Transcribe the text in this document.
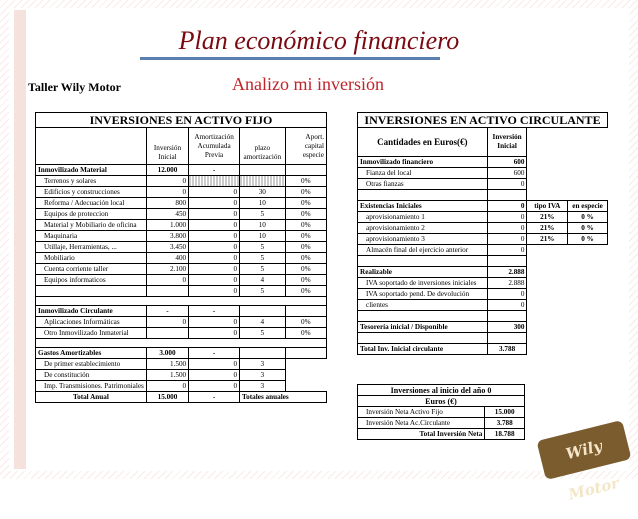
Plan económico financiero
Taller Wily Motor	Analizo mi inversión
INVERSIONES EN ACTIVO FIJO				
	Inversión Inicial	Amortización Acumulada Previa	plazo amortización	Aport. capital especie
Inmovilizado Material	12.000	-		
Terrenos y solares	0			0%
Edificios y construcciones	0	0	30	0%
Reforma / Adecuación local	800	0	10	0%
Equipos de proteccion	450	0	5	0%
Material y Mobiliario de oficina	1.000	0	10	0%
Maquinaria	3.800	0	10	0%
Utillaje, Herramientas, ...	3.450	0	5	0%
Mobiliario	400	0	5	0%
Cuenta corriente taller	2.100	0	5	0%
Equipos informaticos	0	0	4	0%
		0	5	0%

Inmovilizado Circulante	-	-		
Aplicaciones Informáticas	0	0	4	0%
Otro Inmovilizado Inmaterial		0	5	0%

Gastos Amortizables	3.000	-		
De primer establecimiento	1.500	0	3	
De constitución	1.500	0	3	
Imp. Transmisiones. Patrimoniales	0	0	3	
Total Anual	15.000	-	Totales anuales	
INVERSIONES EN ACTIVO CIRCULANTE			
Cantidades en Euros(€)	Inversión Inicial		
Inmovilizado financiero	600		
Fianza del local	600		
Otras fianzas	0		

Existencias Iniciales	0	tipo IVA	en especie
aprovisionamiento 1	0	21%	0 %
aprovisionamiento 2	0	21%	0 %
aprovisionamiento 3	0	21%	0 %
Almacén final del ejercicio anterior	0		

Realizable	2.888		
IVA soportado de inversiones iniciales	2.888		
IVA soportado pend. De devolución	0		
clientes	0		

Tesorería inicial / Disponible	300		

Total Inv. Inicial circulante	3.788		
Inversiones al inicio del año 0	
Euros (€)	
Inversión Neta Activo Fijo	15.000
Inversión Neta Ac.Circulante	3.788
Total Inversión Neta	18.788
Wily Motor
